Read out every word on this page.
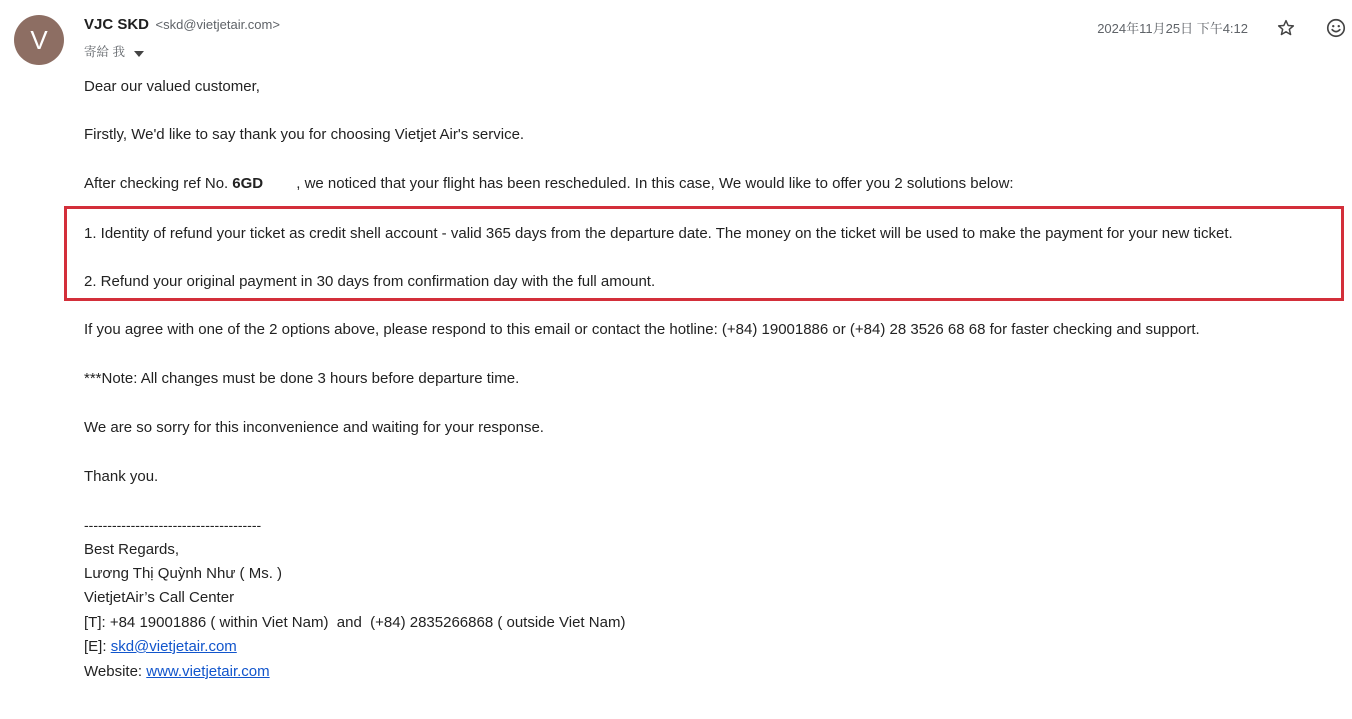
V
VJC SKD <skd@vietjetair.com>
寄給 我
2024年11月25日 下午4:12
Dear our valued customer,
Firstly, We'd like to say thank you for choosing Vietjet Air's service.
After checking ref No. 6GD , we noticed that your flight has been rescheduled. In this case, We would like to offer you 2 solutions below:
1. Identity of refund your ticket as credit shell account - valid 365 days from the departure date. The money on the ticket will be used to make the payment for your new ticket.
2. Refund your original payment in 30 days from confirmation day with the full amount.
If you agree with one of the 2 options above, please respond to this email or contact the hotline: (+84) 19001886 or (+84) 28 3526 68 68 for faster checking and support.
***Note: All changes must be done 3 hours before departure time.
We are so sorry for this inconvenience and waiting for your response.
Thank you.
--------------------------------------
Best Regards,
Lương Thị Quỳnh Như ( Ms. )
VietjetAir’s Call Center
[T]: +84 19001886 ( within Viet Nam)  and  (+84) 2835266868 ( outside Viet Nam)
[E]: skd@vietjetair.com
Website: www.vietjetair.com
